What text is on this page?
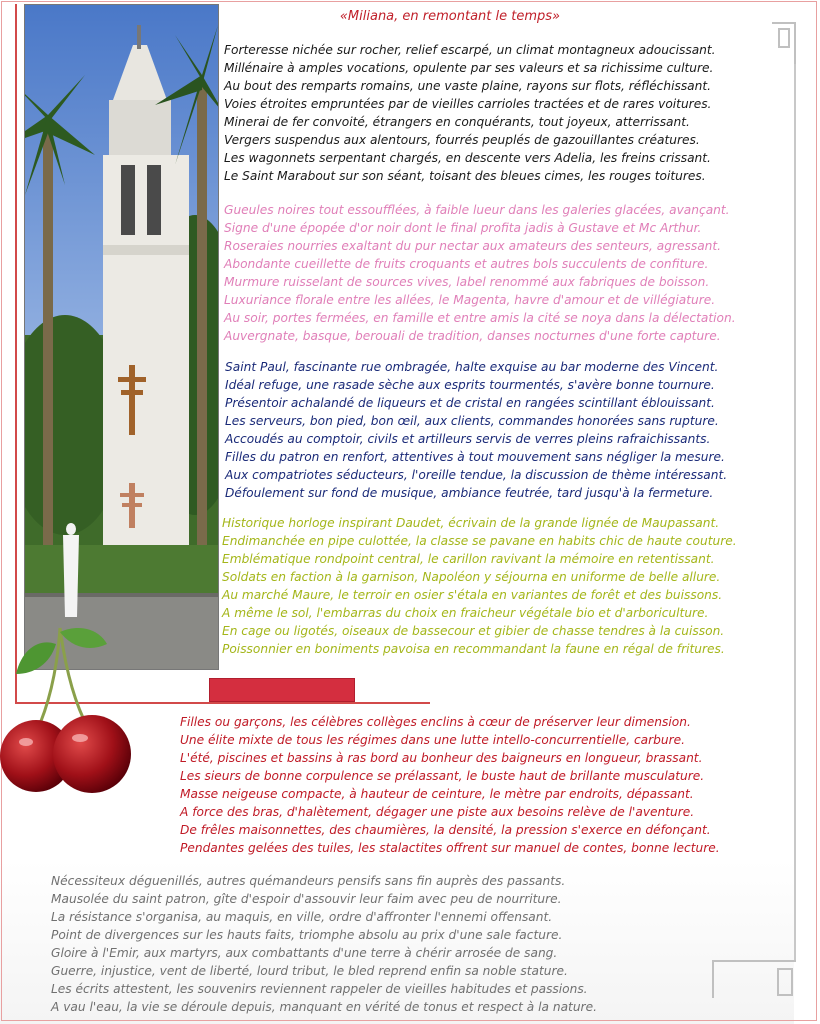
«Miliana, en remontant le temps»
Forteresse nichée sur rocher, relief escarpé, un climat montagneux adoucissant.
Millénaire à amples vocations, opulente par ses valeurs et sa richissime culture.
Au bout des remparts romains, une vaste plaine, rayons sur flots, réfléchissant.
Voies étroites empruntées par de vieilles carrioles tractées et de rares voitures.
Minerai de fer convoité, étrangers en conquérants, tout joyeux, atterrissant.
Vergers suspendus aux alentours, fourrés peuplés de gazouillantes créatures.
Les wagonnets serpentant chargés, en descente vers Adelia, les freins crissant.
Le Saint Marabout sur son séant, toisant des bleues cimes, les rouges toitures.
Gueules noires tout essoufflées, à faible lueur dans les galeries glacées, avançant.
Signe d'une épopée d'or noir dont le final profita jadis à Gustave et Mc Arthur.
Roseraies nourries exaltant du pur nectar aux amateurs des senteurs, agressant.
Abondante cueillette de fruits croquants et autres bols succulents de confiture.
Murmure ruisselant de sources vives, label renommé aux fabriques de boisson.
Luxuriance florale entre les allées, le Magenta, havre d'amour et de villégiature.
Au soir, portes fermées, en famille et entre amis la cité se noya dans la délectation.
Auvergnate, basque, berouali de tradition, danses nocturnes d'une forte capture.
Saint Paul, fascinante rue ombragée, halte exquise au bar moderne des Vincent.
Idéal refuge, une rasade sèche aux esprits tourmentés, s'avère bonne tournure.
Présentoir achalandé de liqueurs et de cristal en rangées scintillant éblouissant.
Les serveurs, bon pied, bon œil, aux clients, commandes honorées sans rupture.
Accoudés au comptoir, civils et artilleurs servis de verres pleins rafraichissants.
Filles du patron en renfort, attentives à tout mouvement sans négliger la mesure.
Aux compatriotes séducteurs, l'oreille tendue, la discussion de thème intéressant.
Défoulement sur fond de musique, ambiance feutrée, tard jusqu'à la fermeture.
Historique horloge inspirant Daudet, écrivain de la grande lignée de Maupassant.
Endimanchée en pipe culottée, la classe se pavane en habits chic de haute couture.
Emblématique rondpoint central, le carillon ravivant la mémoire en retentissant.
Soldats en faction à la garnison, Napoléon y séjourna en uniforme de belle allure.
Au marché Maure, le terroir en osier s'étala en variantes de forêt et des buissons.
A même le sol, l'embarras du choix en fraicheur végétale bio et d'arboriculture.
En cage ou ligotés, oiseaux de bassecour et gibier de chasse tendres à la cuisson.
Poissonnier en boniments pavoisa en recommandant la faune en régal de fritures.
Filles ou garçons, les célèbres collèges enclins à cœur de préserver leur dimension.
Une élite mixte de tous les régimes dans une lutte intello-concurrentielle, carbure.
L'été, piscines et bassins à ras bord au bonheur des baigneurs en longueur, brassant.
Les sieurs de bonne corpulence se prélassant, le buste haut de brillante musculature.
Masse neigeuse compacte, à hauteur de ceinture, le mètre par endroits, dépassant.
A force des bras, d'halètement, dégager une piste aux besoins relève de l'aventure.
De frêles maisonnettes, des chaumières, la densité, la pression s'exerce en défonçant.
Pendantes gelées des tuiles, les stalactites offrent sur manuel de contes, bonne lecture.
Nécessiteux déguenillés, autres quémandeurs pensifs sans fin auprès des passants.
Mausolée du saint patron, gîte d'espoir d'assouvir leur faim avec peu de nourriture.
La résistance s'organisa, au maquis, en ville, ordre d'affronter l'ennemi offensant.
Point de divergences sur les hauts faits, triomphe absolu au prix d'une sale facture.
Gloire à l'Emir, aux martyrs, aux combattants d'une terre à chérir arrosée de sang.
Guerre, injustice, vent de liberté, lourd tribut, le bled reprend enfin sa noble stature.
Les écrits attestent, les souvenirs reviennent rappeler de vieilles habitudes et passions.
A vau l'eau, la vie se déroule depuis, manquant en vérité de tonus et respect à la nature.
